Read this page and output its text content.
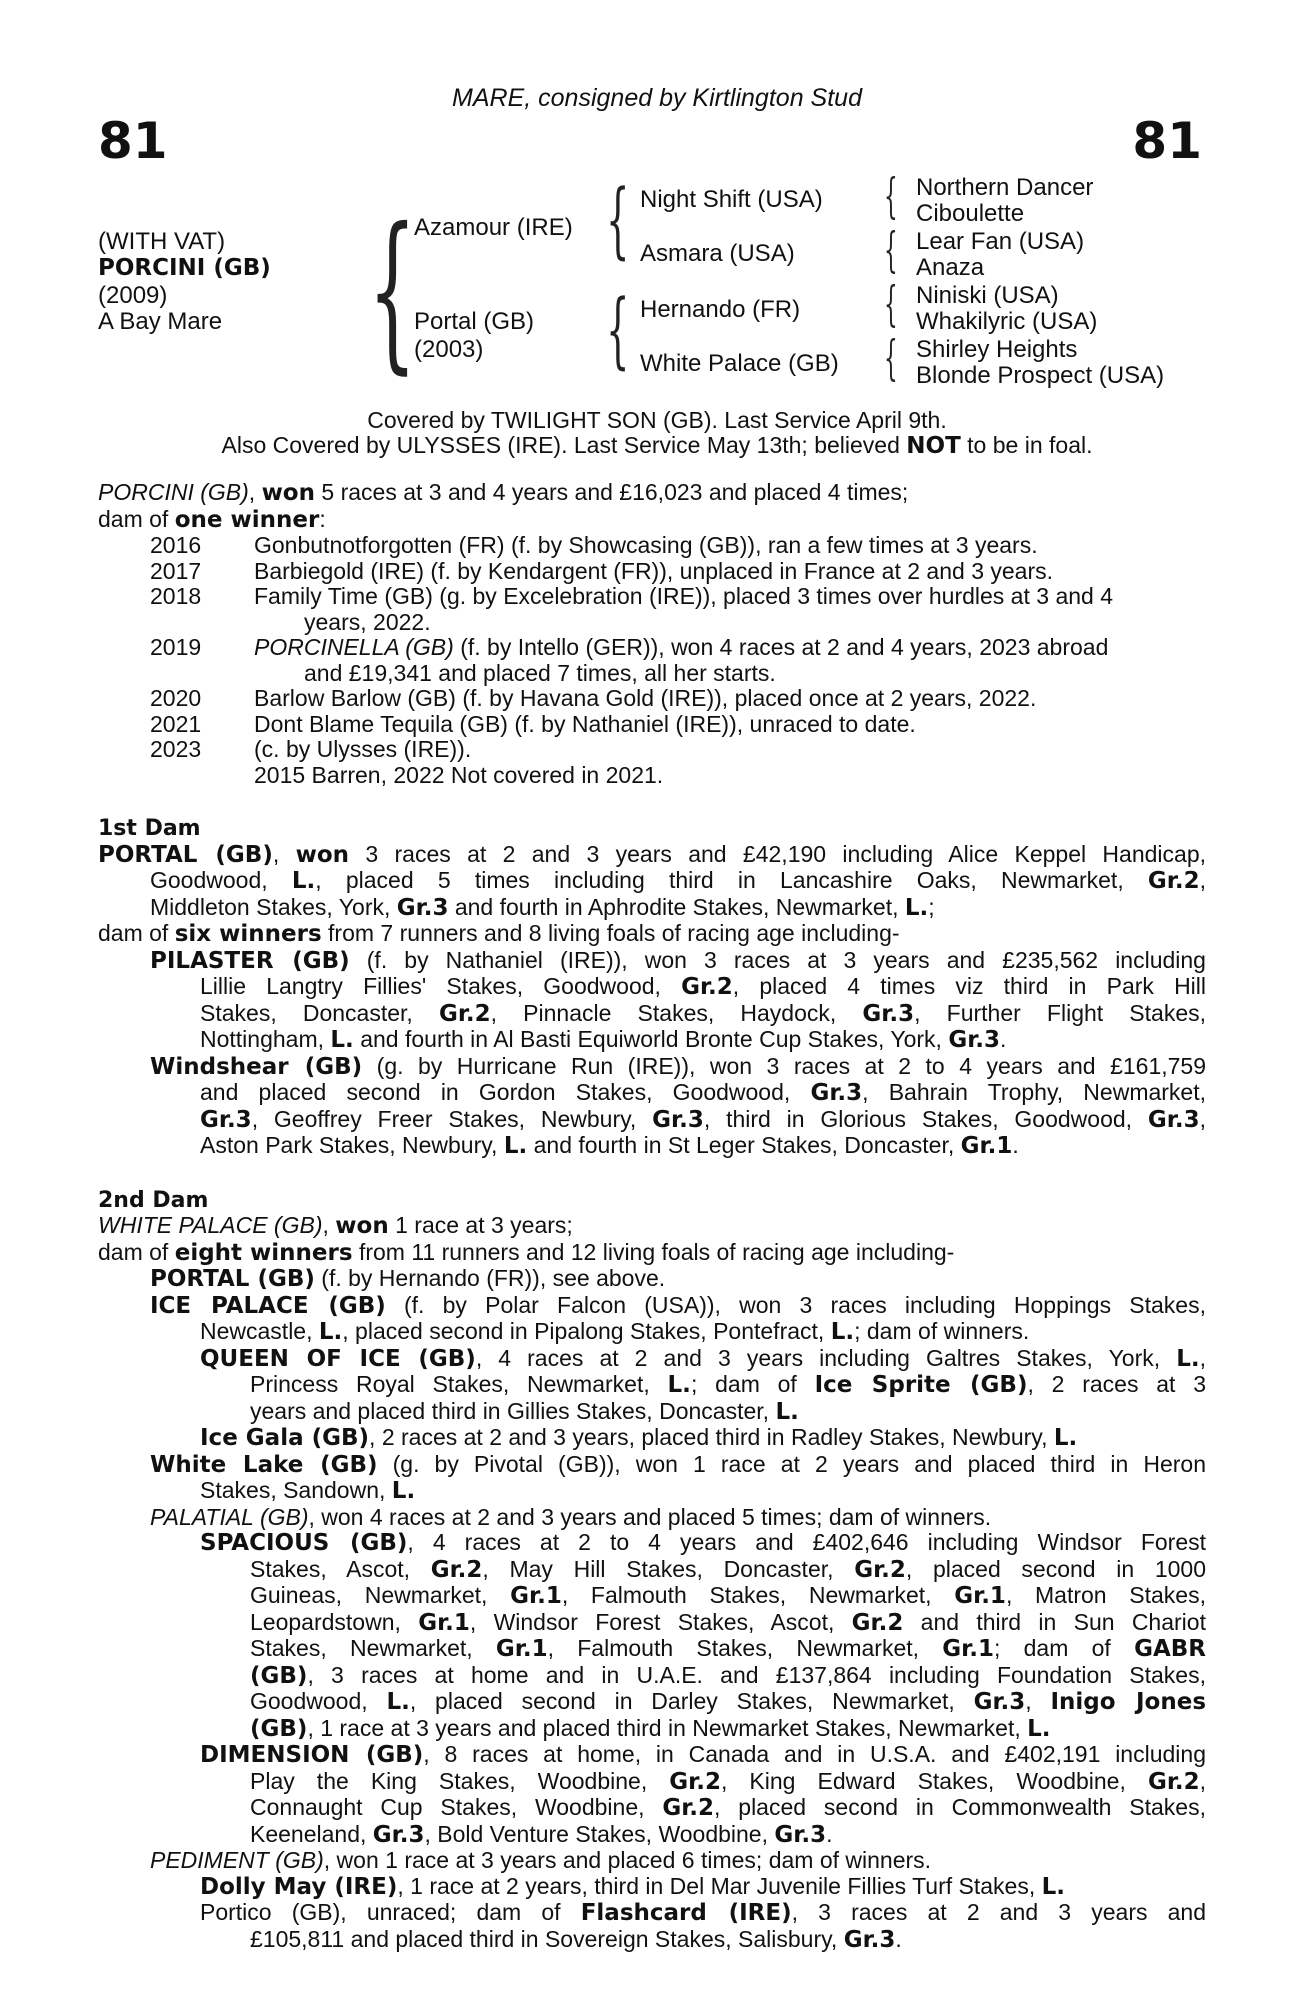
MARE, consigned by Kirtlington Stud
81	81
(WITH VAT)
PORCINI (GB)
(2009)
A Bay Mare { {
{
{
{
{
{
Azamour (IRE)
Portal (GB)
(2003)
Night Shift (USA)
Asmara (USA)
Hernando (FR)
White Palace (GB)
Northern Dancer
Ciboulette
Lear Fan (USA)
Anaza
Niniski (USA)
Whakilyric (USA)
Shirley Heights
Blonde Prospect (USA)
Covered by TWILIGHT SON (GB). Last Service April 9th.
Also Covered by ULYSSES (IRE). Last Service May 13th; believed NOT to be in foal.
PORCINI (GB), won 5 races at 3 and 4 years and £16,023 and placed 4 times;
dam of one winner:
2016 Gonbutnotforgotten (FR) (f. by Showcasing (GB)), ran a few times at 3 years.
2017 Barbiegold (IRE) (f. by Kendargent (FR)), unplaced in France at 2 and 3 years.
2018 Family Time (GB) (g. by Excelebration (IRE)), placed 3 times over hurdles at 3 and 4
years, 2022.
2019 PORCINELLA (GB) (f. by Intello (GER)), won 4 races at 2 and 4 years, 2023 abroad
and £19,341 and placed 7 times, all her starts.
2020 Barlow Barlow (GB) (f. by Havana Gold (IRE)), placed once at 2 years, 2022.
2021 Dont Blame Tequila (GB) (f. by Nathaniel (IRE)), unraced to date.
2023 (c. by Ulysses (IRE)).
2015 Barren, 2022 Not covered in 2021.
1st Dam
PORTAL (GB), won 3 races at 2 and 3 years and £42,190 including Alice Keppel Handicap,
Goodwood, L., placed 5 times including third in Lancashire Oaks, Newmarket, Gr.2,
Middleton Stakes, York, Gr.3 and fourth in Aphrodite Stakes, Newmarket, L.;
dam of six winners from 7 runners and 8 living foals of racing age including-
PILASTER (GB) (f. by Nathaniel (IRE)), won 3 races at 3 years and £235,562 including
Lillie Langtry Fillies' Stakes, Goodwood, Gr.2, placed 4 times viz third in Park Hill
Stakes, Doncaster, Gr.2, Pinnacle Stakes, Haydock, Gr.3, Further Flight Stakes,
Nottingham, L. and fourth in Al Basti Equiworld Bronte Cup Stakes, York, Gr.3.
Windshear (GB) (g. by Hurricane Run (IRE)), won 3 races at 2 to 4 years and £161,759
and placed second in Gordon Stakes, Goodwood, Gr.3, Bahrain Trophy, Newmarket,
Gr.3, Geoffrey Freer Stakes, Newbury, Gr.3, third in Glorious Stakes, Goodwood, Gr.3,
Aston Park Stakes, Newbury, L. and fourth in St Leger Stakes, Doncaster, Gr.1.
2nd Dam
WHITE PALACE (GB), won 1 race at 3 years;
dam of eight winners from 11 runners and 12 living foals of racing age including-
PORTAL (GB) (f. by Hernando (FR)), see above.
ICE PALACE (GB) (f. by Polar Falcon (USA)), won 3 races including Hoppings Stakes,
Newcastle, L., placed second in Pipalong Stakes, Pontefract, L.; dam of winners.
QUEEN OF ICE (GB), 4 races at 2 and 3 years including Galtres Stakes, York, L.,
Princess Royal Stakes, Newmarket, L.; dam of Ice Sprite (GB), 2 races at 3
years and placed third in Gillies Stakes, Doncaster, L.
Ice Gala (GB), 2 races at 2 and 3 years, placed third in Radley Stakes, Newbury, L.
White Lake (GB) (g. by Pivotal (GB)), won 1 race at 2 years and placed third in Heron
Stakes, Sandown, L.
PALATIAL (GB), won 4 races at 2 and 3 years and placed 5 times; dam of winners.
SPACIOUS (GB), 4 races at 2 to 4 years and £402,646 including Windsor Forest
Stakes, Ascot, Gr.2, May Hill Stakes, Doncaster, Gr.2, placed second in 1000
Guineas, Newmarket, Gr.1, Falmouth Stakes, Newmarket, Gr.1, Matron Stakes,
Leopardstown, Gr.1, Windsor Forest Stakes, Ascot, Gr.2 and third in Sun Chariot
Stakes, Newmarket, Gr.1, Falmouth Stakes, Newmarket, Gr.1; dam of GABR
(GB), 3 races at home and in U.A.E. and £137,864 including Foundation Stakes,
Goodwood, L., placed second in Darley Stakes, Newmarket, Gr.3, Inigo Jones
(GB), 1 race at 3 years and placed third in Newmarket Stakes, Newmarket, L.
DIMENSION (GB), 8 races at home, in Canada and in U.S.A. and £402,191 including
Play the King Stakes, Woodbine, Gr.2, King Edward Stakes, Woodbine, Gr.2,
Connaught Cup Stakes, Woodbine, Gr.2, placed second in Commonwealth Stakes,
Keeneland, Gr.3, Bold Venture Stakes, Woodbine, Gr.3.
PEDIMENT (GB), won 1 race at 3 years and placed 6 times; dam of winners.
Dolly May (IRE), 1 race at 2 years, third in Del Mar Juvenile Fillies Turf Stakes, L.
Portico (GB), unraced; dam of Flashcard (IRE), 3 races at 2 and 3 years and
£105,811 and placed third in Sovereign Stakes, Salisbury, Gr.3.
